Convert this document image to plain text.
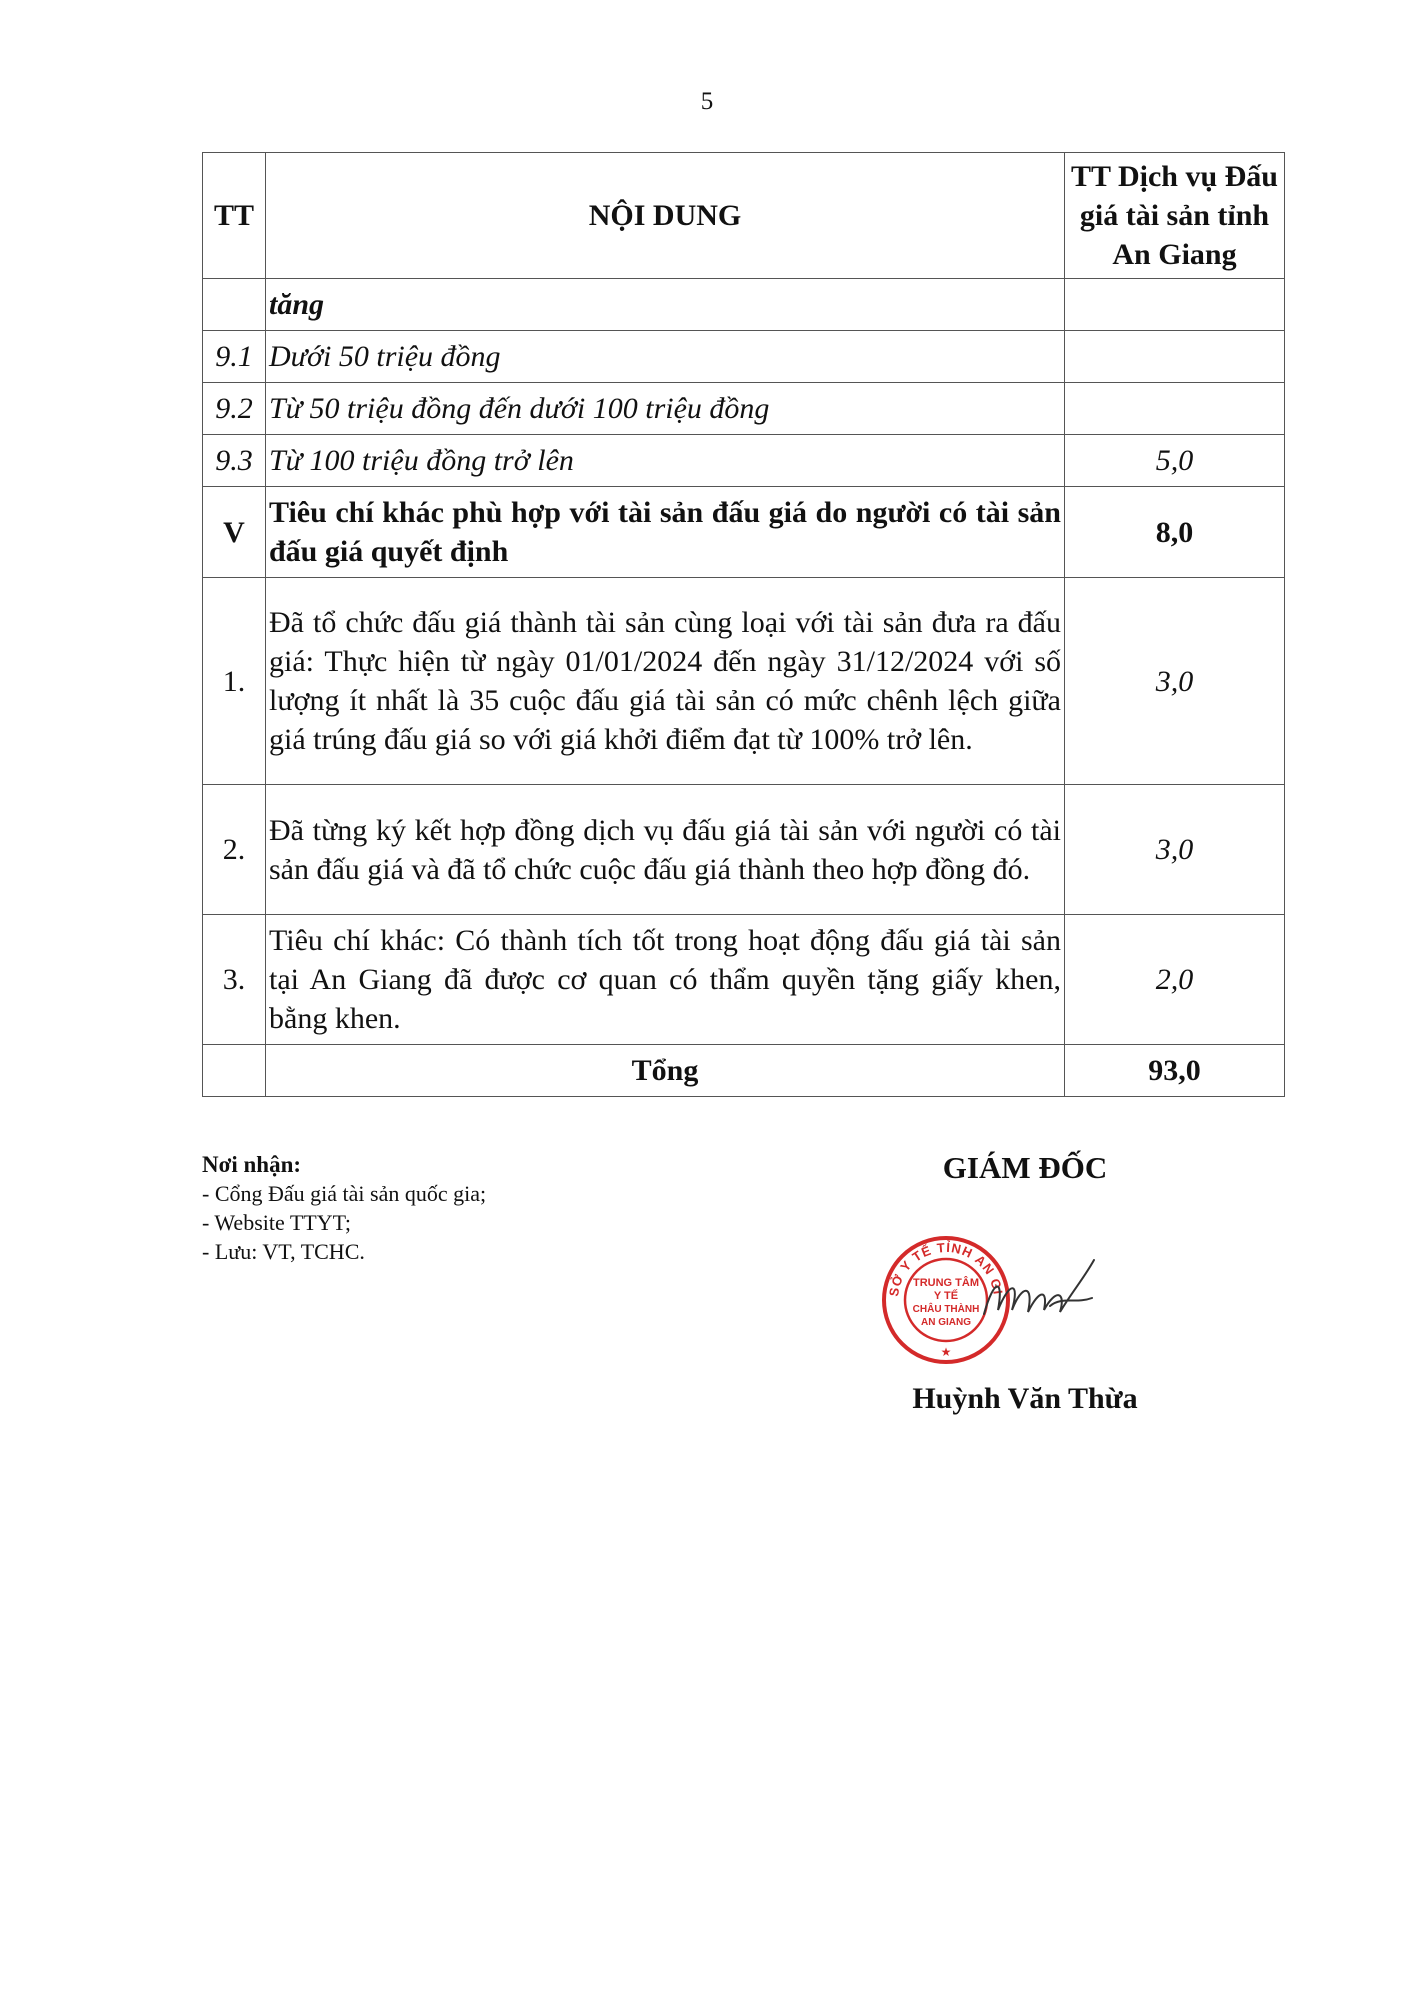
5
TT	NỘI DUNG	TT Dịch vụ Đấu giá tài sản tỉnh An Giang
	tăng	
9.1	Dưới 50 triệu đồng	
9.2	Từ 50 triệu đồng đến dưới 100 triệu đồng	
9.3	Từ 100 triệu đồng trở lên	5,0
V	Tiêu chí khác phù hợp với tài sản đấu giá do người có tài sản đấu giá quyết định	8,0
1.	Đã tổ chức đấu giá thành tài sản cùng loại với tài sản đưa ra đấu giá: Thực hiện từ ngày 01/01/2024 đến ngày 31/12/2024 với số lượng ít nhất là 35 cuộc đấu giá tài sản có mức chênh lệch giữa giá trúng đấu giá so với giá khởi điểm đạt từ 100% trở lên.	3,0
2.	Đã từng ký kết hợp đồng dịch vụ đấu giá tài sản với người có tài sản đấu giá và đã tổ chức cuộc đấu giá thành theo hợp đồng đó.	3,0
3.	Tiêu chí khác: Có thành tích tốt trong hoạt động đấu giá tài sản tại An Giang đã được cơ quan có thẩm quyền tặng giấy khen, bằng khen.	2,0
	Tổng	93,0
Nơi nhận:
- Cổng Đấu giá tài sản quốc gia;
- Website TTYT;
- Lưu: VT, TCHC.
GIÁM ĐỐC
SỞ Y TẾ TỈNH AN GI
TRUNG TÂM
Y TẾ
CHÂU THÀNH
AN GIANG
★
Huỳnh Văn Thừa
